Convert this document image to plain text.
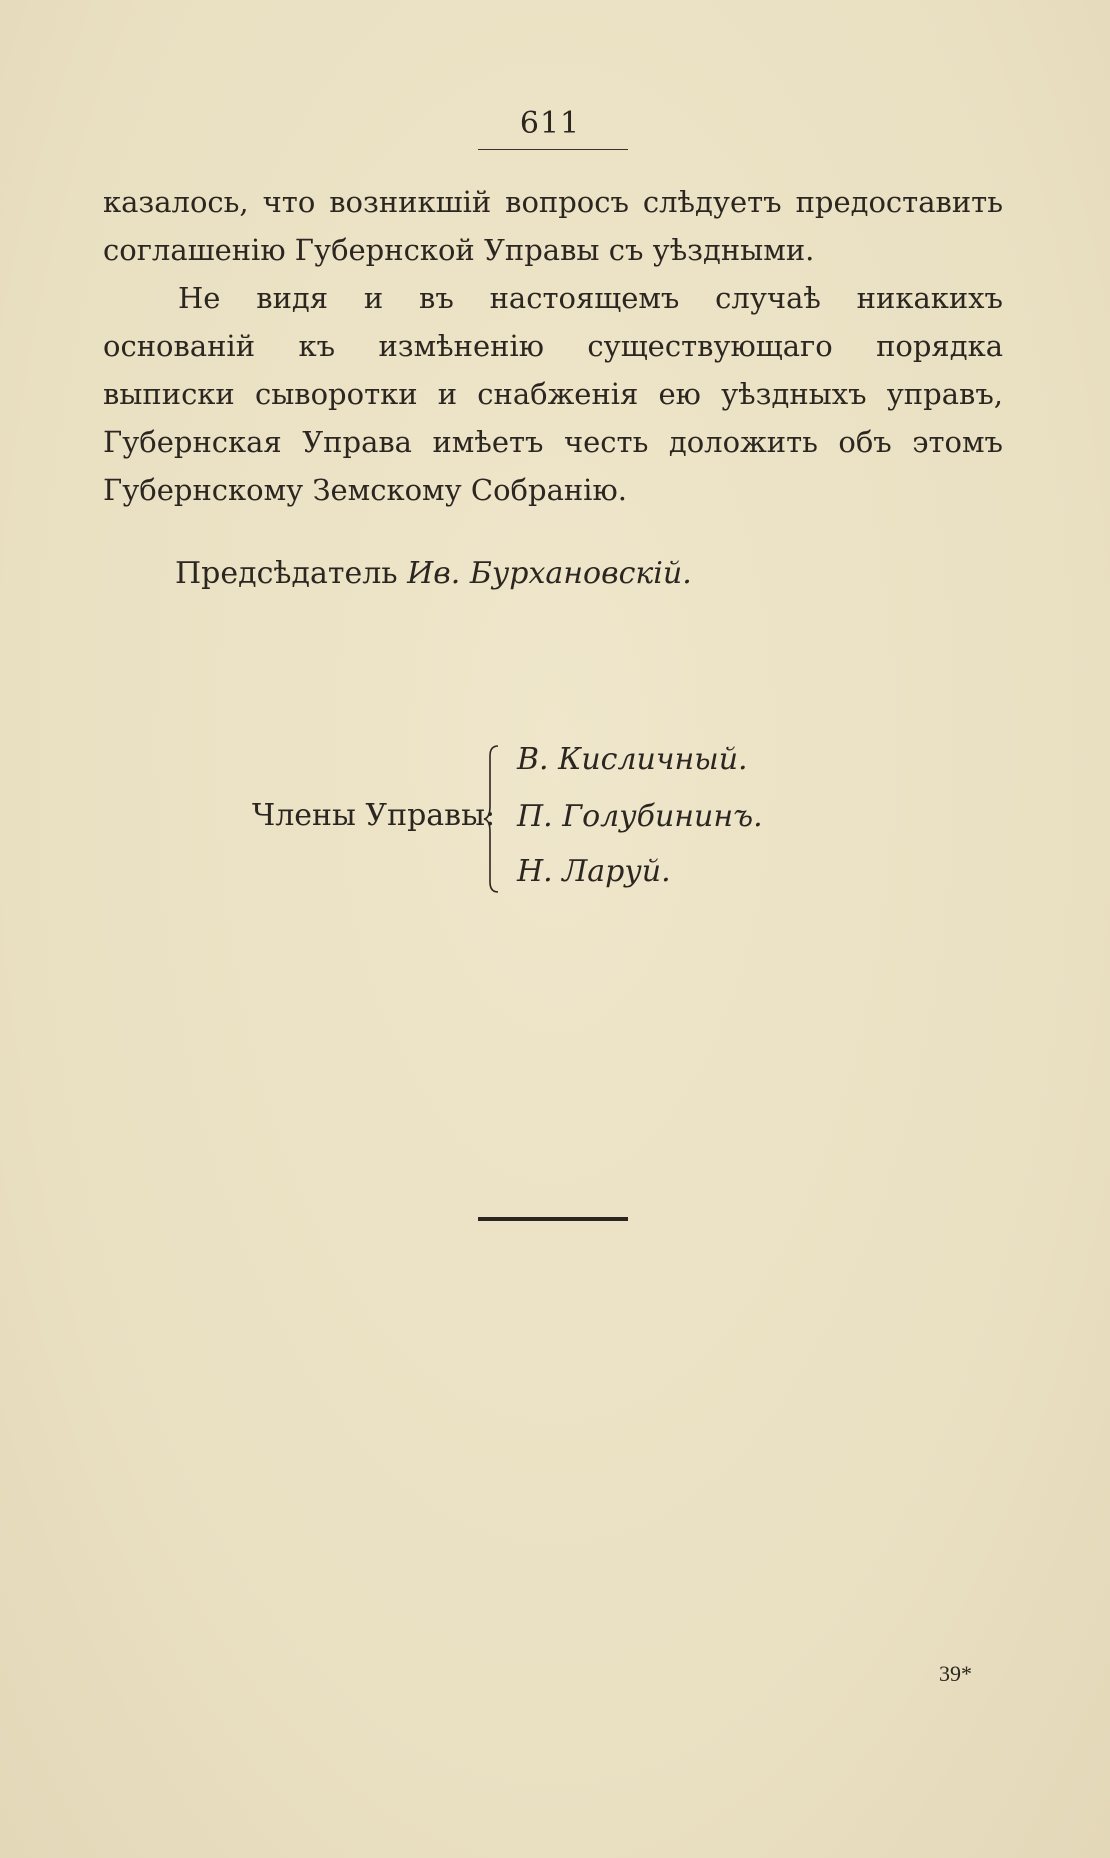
611

казалось, что возникшій вопросъ слѣдуетъ предоставить соглашенію Губернской Управы съ уѣздными.

Не видя и въ настоящемъ случаѣ никакихъ основаній къ измѣненію существующаго порядка выписки сыворотки и снабженія ею уѣздныхъ управъ, Губернская Управа имѣетъ честь доложить объ этомъ Губернскому Земскому Собранію.

Предсѣдатель Ив. Бурхановскій.
Члены Управы:
В. Кисличный.
П. Голубининъ.
Н. Ларуй.
39*
